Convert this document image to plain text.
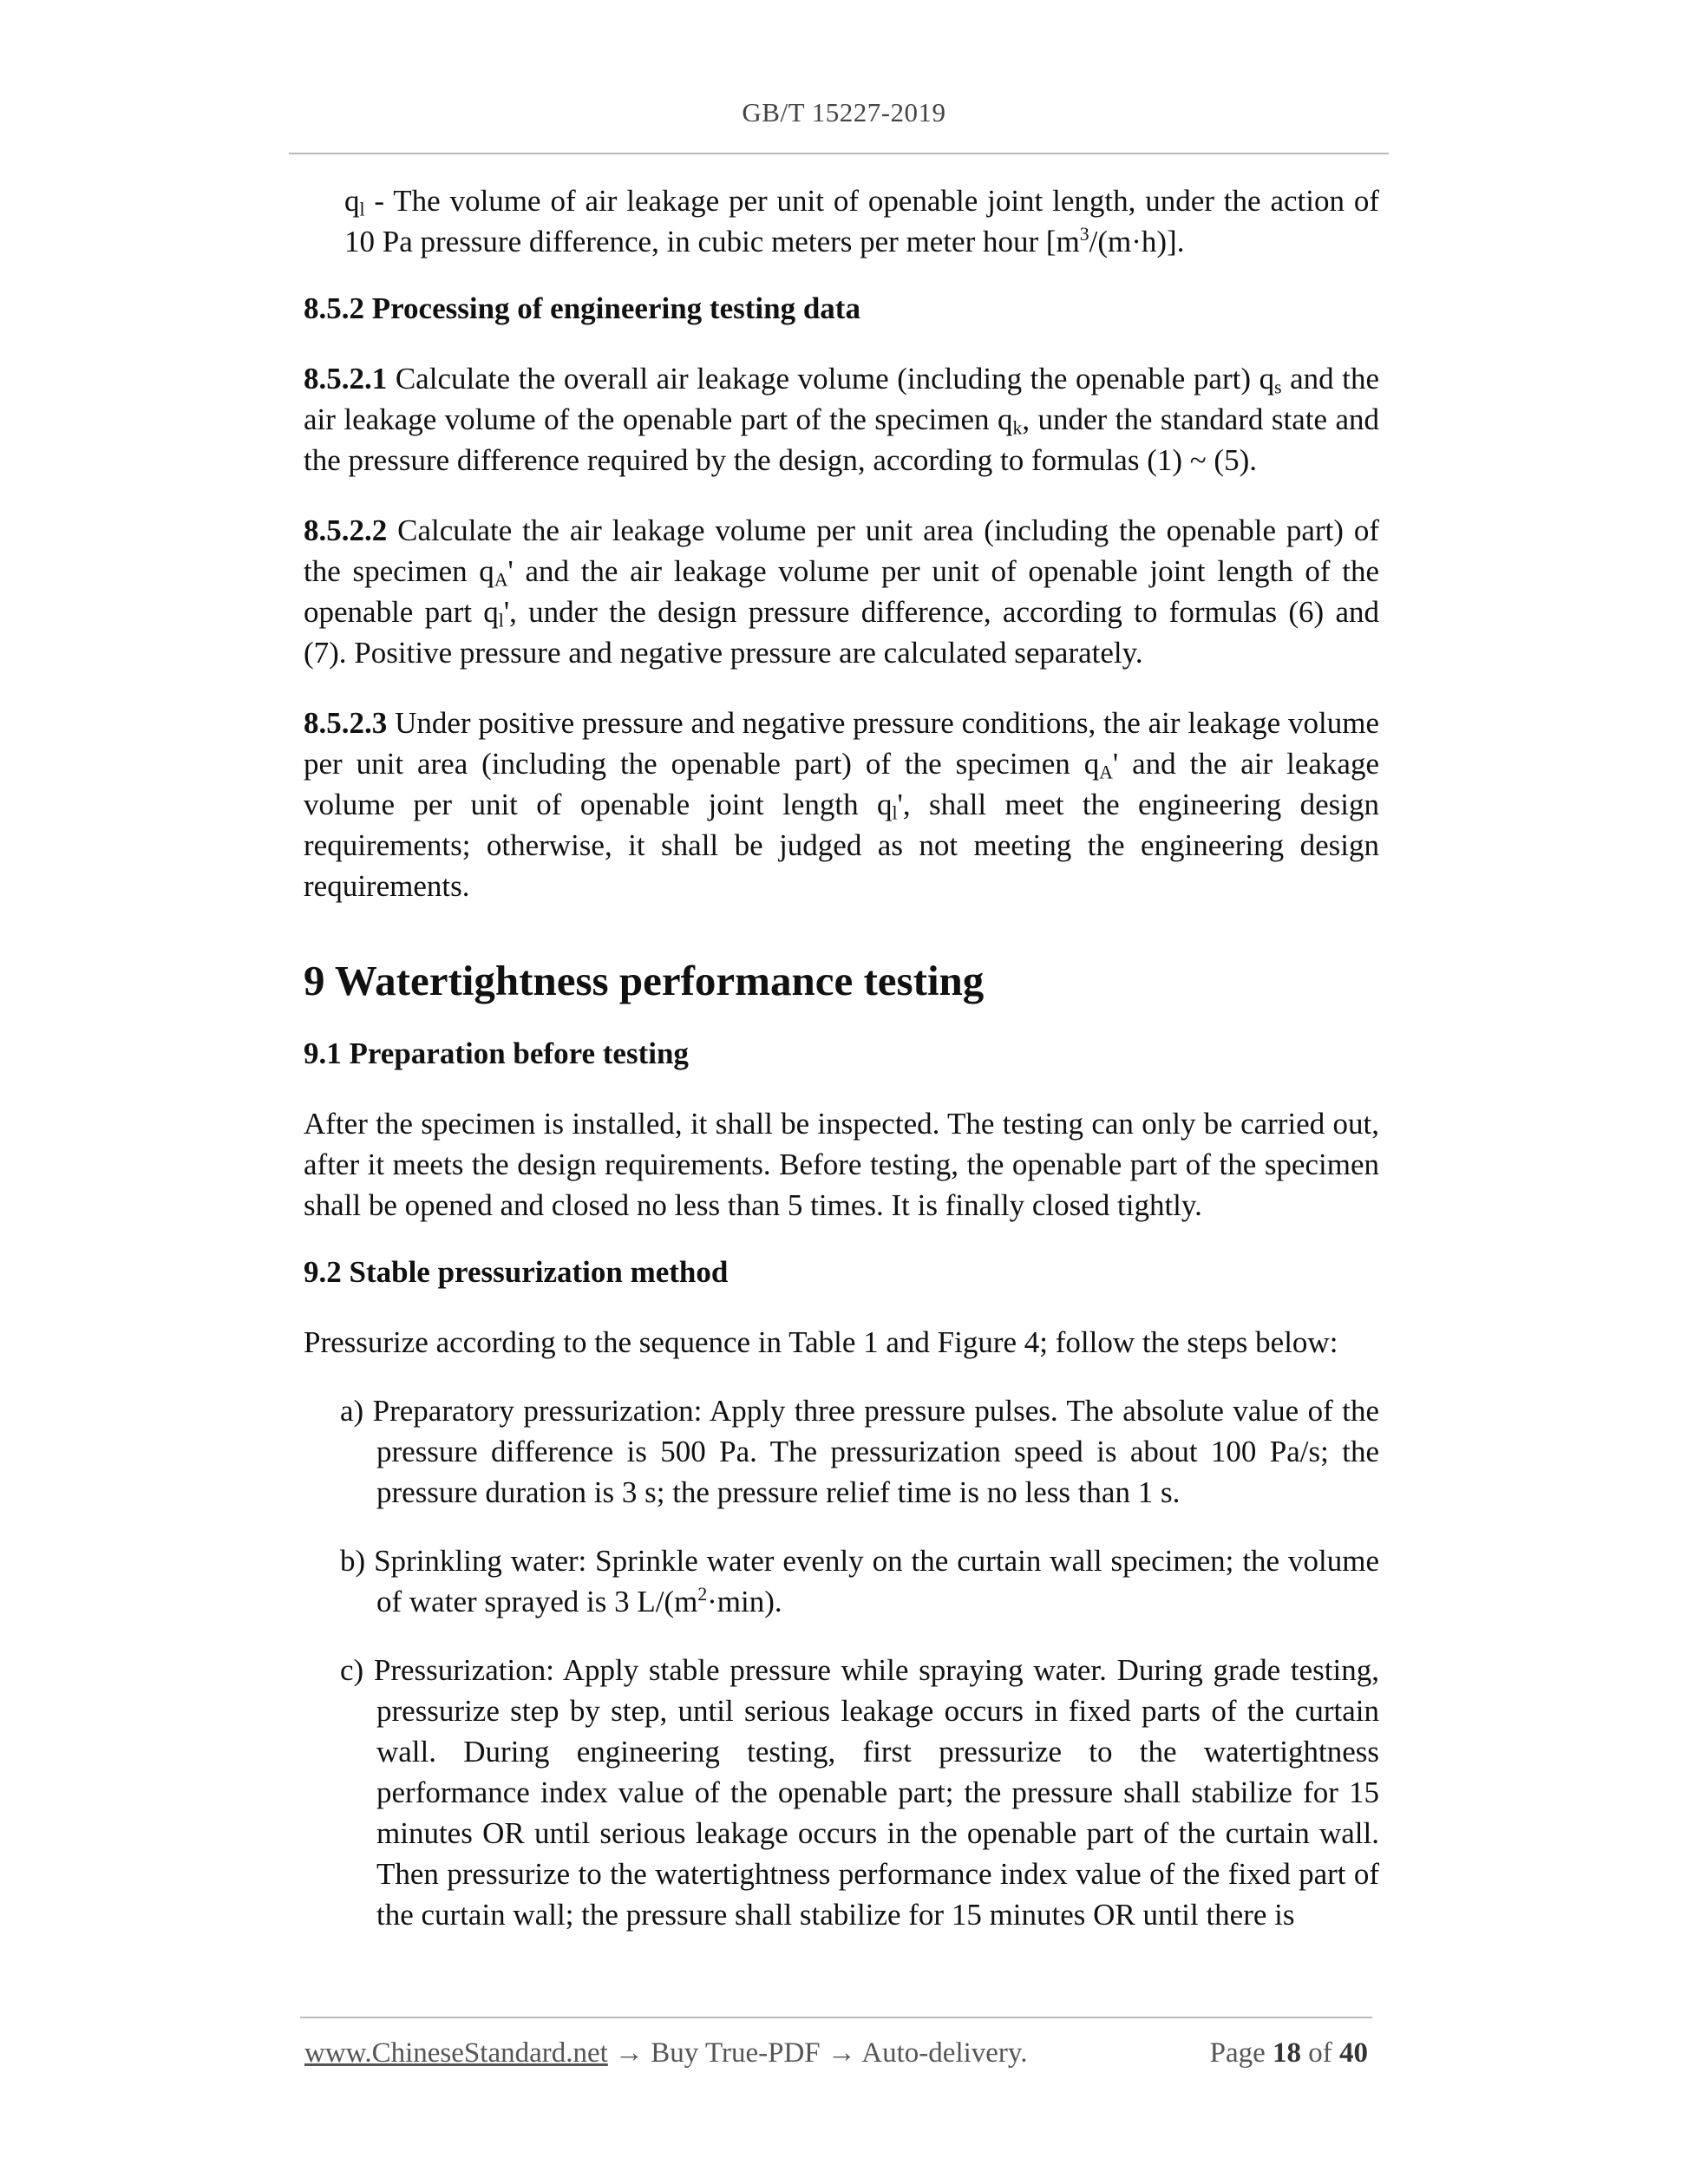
GB/T 15227-2019

$q_l$ - The volume of air leakage per unit of openable joint length, under the action of 10 Pa pressure difference, in cubic meters per meter hour $[m^3/(m\cdot h)]$.

8.5.2 Processing of engineering testing data

8.5.2.1 Calculate the overall air leakage volume (including the openable part) $q_s$ and the air leakage volume of the openable part of the specimen $q_k$, under the standard state and the pressure difference required by the design, according to formulas (1) ~ (5).

8.5.2.2 Calculate the air leakage volume per unit area (including the openable part) of the specimen $q_A'$ and the air leakage volume per unit of openable joint length of the openable part $q_l'$, under the design pressure difference, according to formulas (6) and (7). Positive pressure and negative pressure are calculated separately.

8.5.2.3 Under positive pressure and negative pressure conditions, the air leakage volume per unit area (including the openable part) of the specimen $q_A'$ and the air leakage volume per unit of openable joint length $q_l'$, shall meet the engineering design requirements; otherwise, it shall be judged as not meeting the engineering design requirements.

9 Watertightness performance testing

9.1 Preparation before testing

After the specimen is installed, it shall be inspected. The testing can only be carried out, after it meets the design requirements. Before testing, the openable part of the specimen shall be opened and closed no less than 5 times. It is finally closed tightly.

9.2 Stable pressurization method

Pressurize according to the sequence in Table 1 and Figure 4; follow the steps below:

a) Preparatory pressurization: Apply three pressure pulses. The absolute value of the pressure difference is 500 Pa. The pressurization speed is about 100 Pa/s; the pressure duration is 3 s; the pressure relief time is no less than 1 s.

b) Sprinkling water: Sprinkle water evenly on the curtain wall specimen; the volume of water sprayed is 3 $L/(m^2\cdot\min)$.

c) Pressurization: Apply stable pressure while spraying water. During grade testing, pressurize step by step, until serious leakage occurs in fixed parts of the curtain wall. During engineering testing, first pressurize to the watertightness performance index value of the openable part; the pressure shall stabilize for 15 minutes OR until serious leakage occurs in the openable part of the curtain wall. Then pressurize to the watertightness performance index value of the fixed part of the curtain wall; the pressure shall stabilize for 15 minutes OR until there is

www.ChineseStandard.net → Buy True-PDF → Auto-delivery.	Page 18 of 40
